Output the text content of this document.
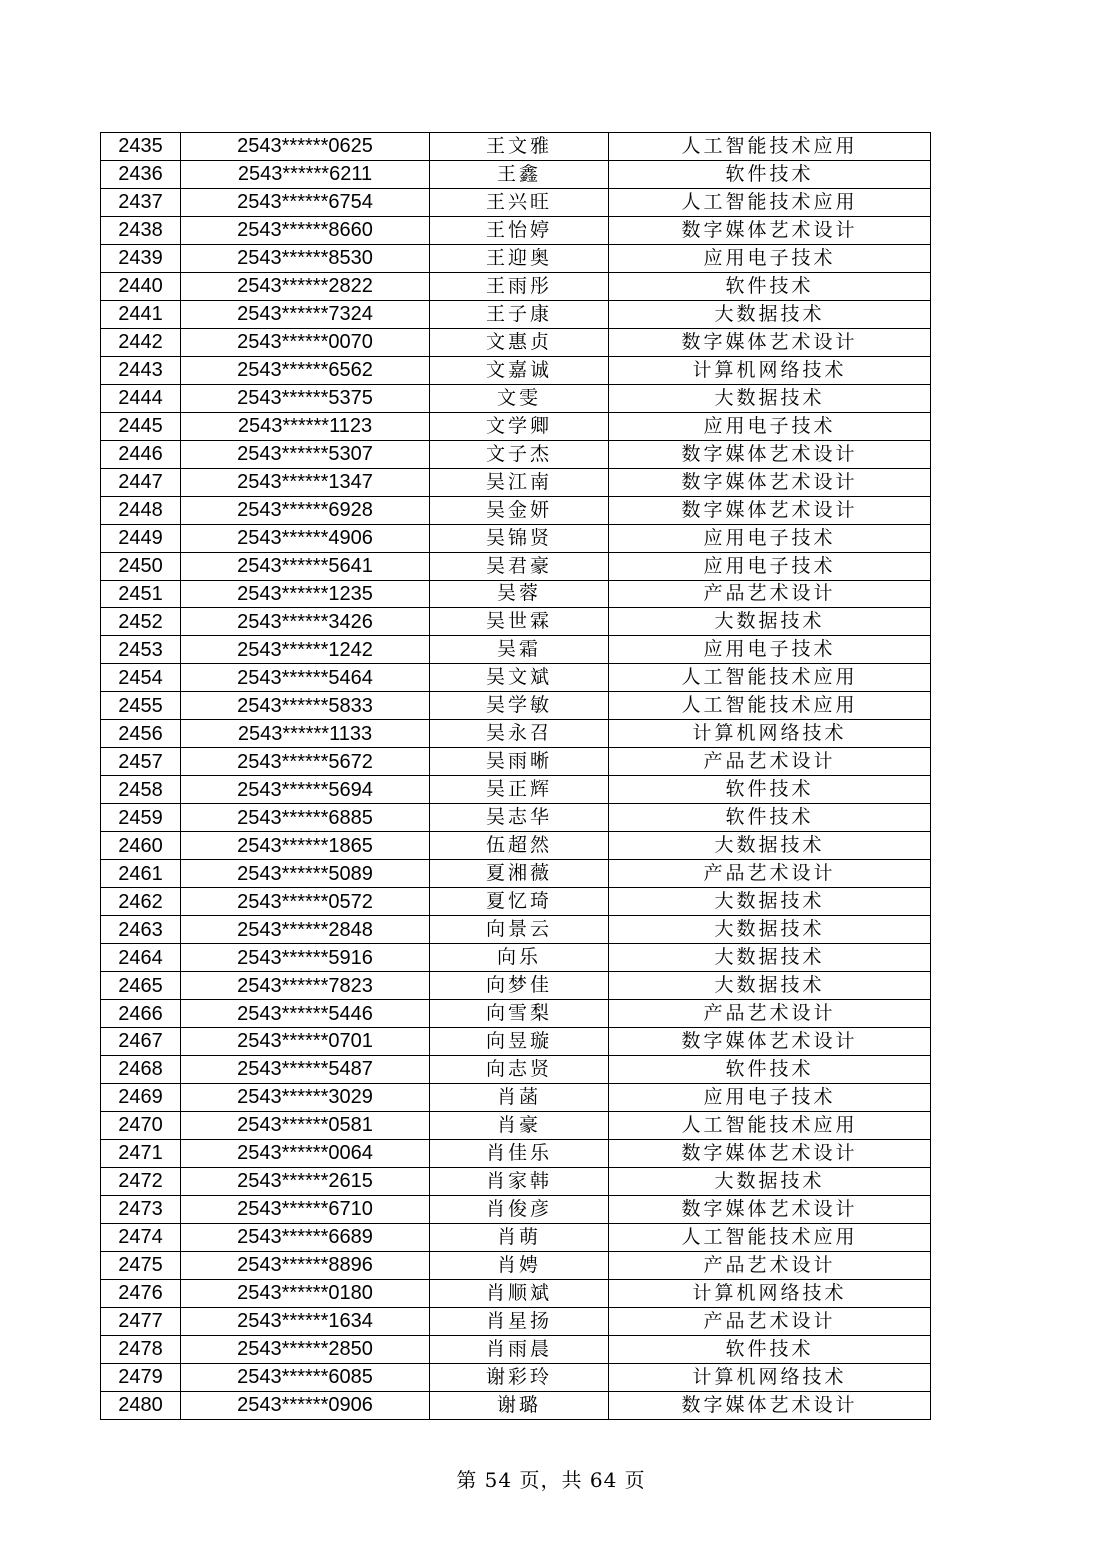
2435	2543******0625	王文雅	人工智能技术应用
2436	2543******6211	王鑫	软件技术
2437	2543******6754	王兴旺	人工智能技术应用
2438	2543******8660	王怡婷	数字媒体艺术设计
2439	2543******8530	王迎奥	应用电子技术
2440	2543******2822	王雨彤	软件技术
2441	2543******7324	王子康	大数据技术
2442	2543******0070	文惠贞	数字媒体艺术设计
2443	2543******6562	文嘉诚	计算机网络技术
2444	2543******5375	文雯	大数据技术
2445	2543******1123	文学卿	应用电子技术
2446	2543******5307	文子杰	数字媒体艺术设计
2447	2543******1347	吴江南	数字媒体艺术设计
2448	2543******6928	吴金妍	数字媒体艺术设计
2449	2543******4906	吴锦贤	应用电子技术
2450	2543******5641	吴君豪	应用电子技术
2451	2543******1235	吴蓉	产品艺术设计
2452	2543******3426	吴世霖	大数据技术
2453	2543******1242	吴霜	应用电子技术
2454	2543******5464	吴文斌	人工智能技术应用
2455	2543******5833	吴学敏	人工智能技术应用
2456	2543******1133	吴永召	计算机网络技术
2457	2543******5672	吴雨晰	产品艺术设计
2458	2543******5694	吴正辉	软件技术
2459	2543******6885	吴志华	软件技术
2460	2543******1865	伍超然	大数据技术
2461	2543******5089	夏湘薇	产品艺术设计
2462	2543******0572	夏忆琦	大数据技术
2463	2543******2848	向景云	大数据技术
2464	2543******5916	向乐	大数据技术
2465	2543******7823	向梦佳	大数据技术
2466	2543******5446	向雪梨	产品艺术设计
2467	2543******0701	向昱璇	数字媒体艺术设计
2468	2543******5487	向志贤	软件技术
2469	2543******3029	肖菡	应用电子技术
2470	2543******0581	肖豪	人工智能技术应用
2471	2543******0064	肖佳乐	数字媒体艺术设计
2472	2543******2615	肖家韩	大数据技术
2473	2543******6710	肖俊彦	数字媒体艺术设计
2474	2543******6689	肖萌	人工智能技术应用
2475	2543******8896	肖娉	产品艺术设计
2476	2543******0180	肖顺斌	计算机网络技术
2477	2543******1634	肖星扬	产品艺术设计
2478	2543******2850	肖雨晨	软件技术
2479	2543******6085	谢彩玲	计算机网络技术
2480	2543******0906	谢璐	数字媒体艺术设计
第 54 页，共 64 页
